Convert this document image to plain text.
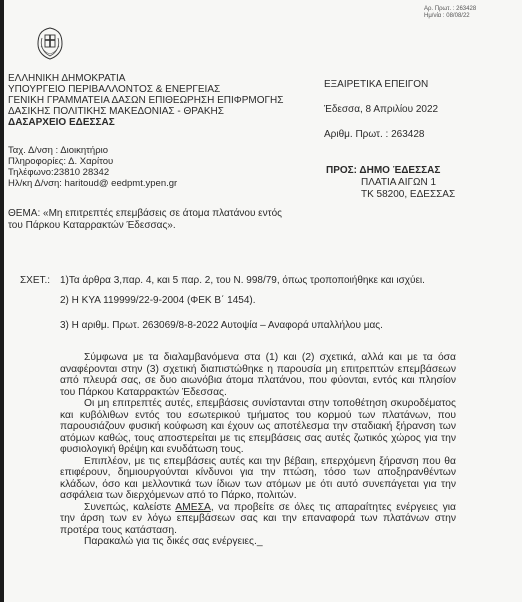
Αρ. Πρωτ. : 263428
Ημ/νία : 08/08/22
ΕΛΛΗΝΙΚΗ ΔΗΜΟΚΡΑΤΙΑ
ΥΠΟΥΡΓΕΙΟ ΠΕΡΙΒΑΛΛΟΝΤΟΣ & ΕΝΕΡΓΕΙΑΣ
ΓΕΝΙΚΗ ΓΡΑΜΜΑΤΕΙΑ ΔΑΣΩΝ ΕΠΙΘΕΩΡΗΣΗ ΕΠΙΦΡΜΟΓΗΣ
ΔΑΣΙΚΗΣ ΠΟΛΙΤΙΚΗΣ ΜΑΚΕΔΟΝΙΑΣ - ΘΡΑΚΗΣ
ΔΑΣΑΡΧΕΙΟ ΕΔΕΣΣΑΣ
ΕΞΑΙΡΕΤΙΚΑ ΕΠΕΙΓΟΝ
Έδεσσα, 8 Απριλίου 2022
Αριθμ. Πρωτ. : 263428
Ταχ. Δ/νση : Διοικητήριο
Πληροφορίες: Δ. Χαρίτου
Τηλέφωνο:23810 28342
Ηλ/κη Δ/νση: haritoud@ eedpmt.ypen.gr
ΠΡΟΣ: ΔΗΜΟ ΈΔΕΣΣΑΣ
ΠΛΑΤΙΑ ΑΙΓΩΝ 1
ΤΚ 58200, ΕΔΕΣΣΑΣ
ΘΕΜΑ: «Μη επιτρεπτές επεμβάσεις σε άτομα πλατάνου εντός
του Πάρκου Καταρρακτών Έδεσσας».
ΣΧΕΤ.: 1)Τα άρθρα 3,παρ. 4, και 5 παρ. 2, του Ν. 998/79, όπως τροποποιήθηκε και ισχύει.
2) Η ΚΥΑ 119999/22-9-2004 (ΦΕΚ Β΄ 1454).
3) Η αριθμ. Πρωτ. 263069/8-8-2022 Αυτοψία – Αναφορά υπαλλήλου μας.

Σύμφωνα με τα διαλαμβανόμενα στα (1) και (2) σχετικά, αλλά και με τα όσα αναφέρονται στην (3) σχετική διαπιστώθηκε η παρουσία μη επιτρεπτών επεμβάσεων από πλευρά σας, σε δυο αιωνόβια άτομα πλατάνου, που φύονται, εντός και πλησίον του Πάρκου Καταρρακτών Έδεσσας.

Οι μη επιτρεπτές αυτές, επεμβάσεις συνίστανται στην τοποθέτηση σκυροδέματος και κυβόλιθων εντός του εσωτερικού τμήματος του κορμού των πλατάνων, που παρουσιάζουν φυσική κούφωση και έχουν ως αποτέλεσμα την σταδιακή ξήρανση των ατόμων καθώς, τους αποστερείται με τις επεμβάσεις σας αυτές ζωτικός χώρος για την φυσιολογική θρέψη και ενυδάτωση τους.

Επιπλέον, με τις επεμβάσεις αυτές και την βέβαιη, επερχόμενη ξήρανση που θα επιφέρουν, δημιουργούνται κίνδυνοι για την πτώση, τόσο των αποξηρανθέντων κλάδων, όσο και μελλοντικά των ίδιων των ατόμων με ότι αυτό συνεπάγεται για την ασφάλεια των διερχόμενων από το Πάρκο, πολιτών.

Συνεπώς, καλείστε ΑΜΕΣΑ, να προβείτε σε όλες τις απαραίτητες ενέργειες για την άρση των εν λόγω επεμβάσεων σας και την επαναφορά των πλατάνων στην προτέρα τους κατάσταση.

Παρακαλώ για τις δικές σας ενέργειες._
